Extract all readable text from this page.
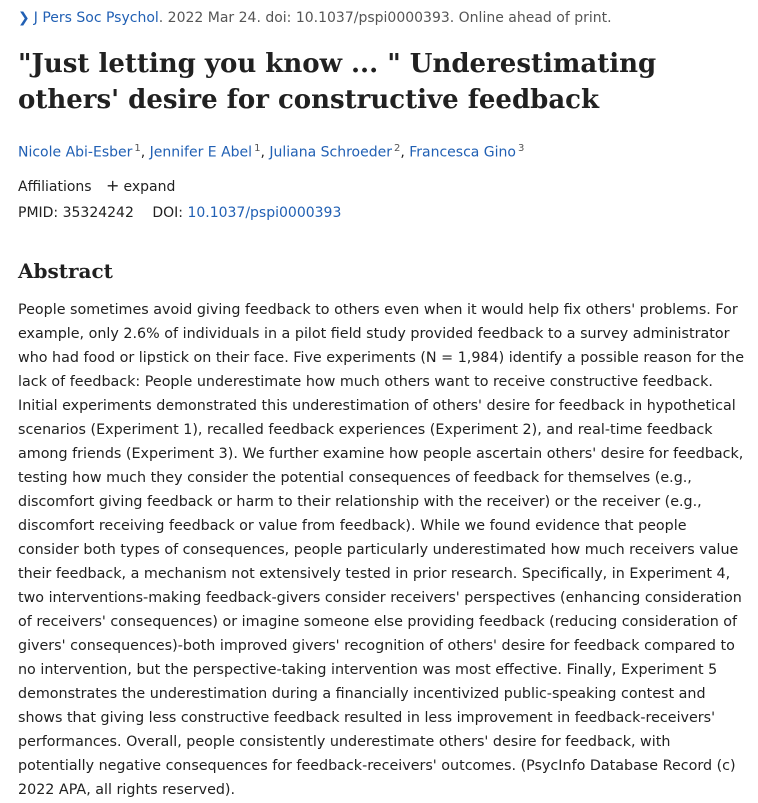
❯ J Pers Soc Psychol. 2022 Mar 24. doi: 10.1037/pspi0000393. Online ahead of print.
"Just letting you know ... " Underestimating others' desire for constructive feedback
Nicole Abi-Esber $^1$, Jennifer E Abel $^1$, Juliana Schroeder $^2$, Francesca Gino $^3$
Affiliations + expand
PMID: 35324242 DOI: 10.1037/pspi0000393
Abstract

People sometimes avoid giving feedback to others even when it would help fix others' problems. For example, only 2.6% of individuals in a pilot field study provided feedback to a survey administrator who had food or lipstick on their face. Five experiments (N = 1,984) identify a possible reason for the lack of feedback: People underestimate how much others want to receive constructive feedback. Initial experiments demonstrated this underestimation of others' desire for feedback in hypothetical scenarios (Experiment 1), recalled feedback experiences (Experiment 2), and real-time feedback among friends (Experiment 3). We further examine how people ascertain others' desire for feedback, testing how much they consider the potential consequences of feedback for themselves (e.g., discomfort giving feedback or harm to their relationship with the receiver) or the receiver (e.g., discomfort receiving feedback or value from feedback). While we found evidence that people consider both types of consequences, people particularly underestimated how much receivers value their feedback, a mechanism not extensively tested in prior research. Specifically, in Experiment 4, two interventions-making feedback-givers consider receivers' perspectives (enhancing consideration of receivers' consequences) or imagine someone else providing feedback (reducing consideration of givers' consequences)-both improved givers' recognition of others' desire for feedback compared to no intervention, but the perspective-taking intervention was most effective. Finally, Experiment 5 demonstrates the underestimation during a financially incentivized public-speaking contest and shows that giving less constructive feedback resulted in less improvement in feedback-receivers' performances. Overall, people consistently underestimate others' desire for feedback, with potentially negative consequences for feedback-receivers' outcomes. (PsycInfo Database Record (c) 2022 APA, all rights reserved).
